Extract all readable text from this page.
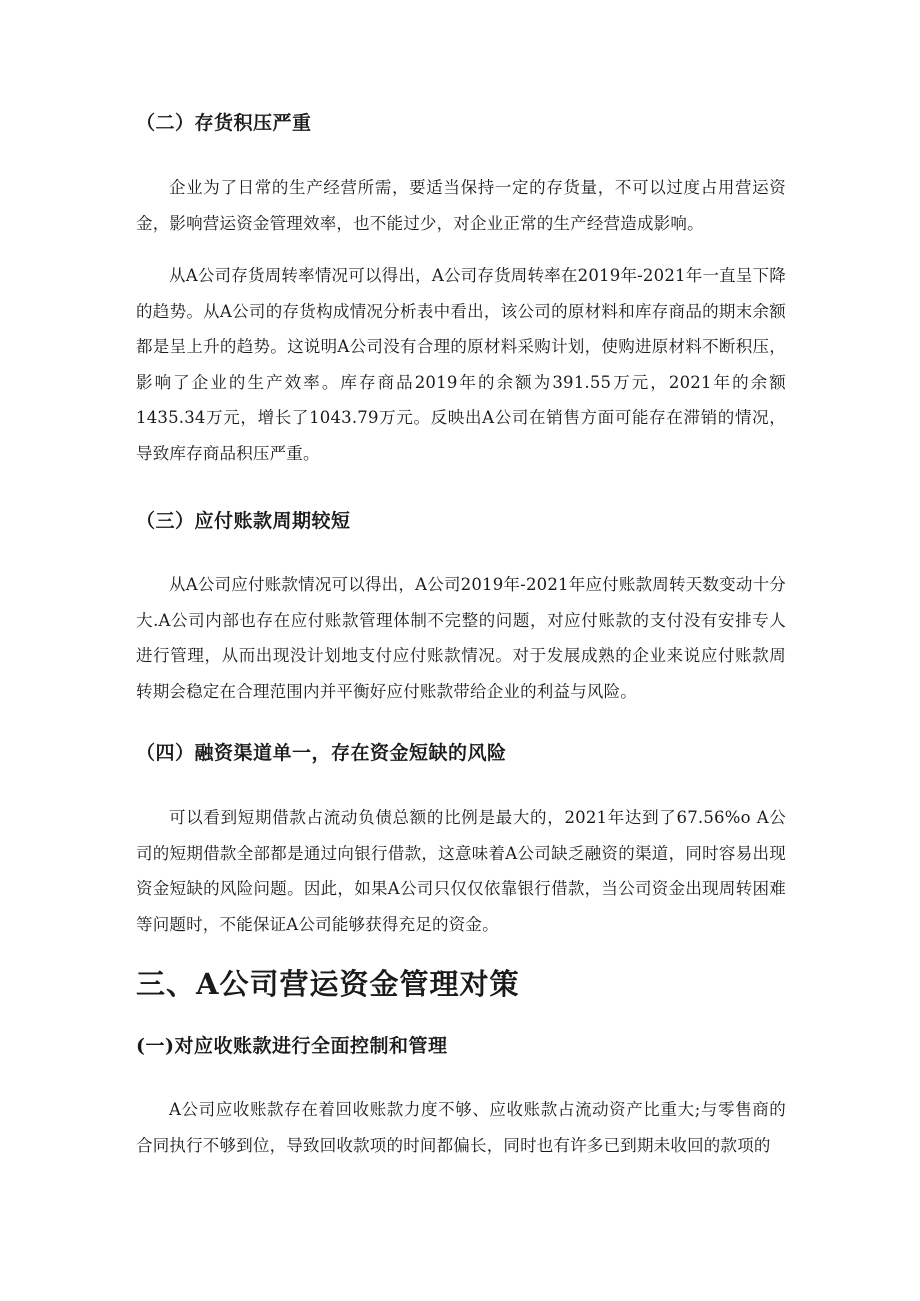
（二）存货积压严重

企业为了日常的生产经营所需，要适当保持一定的存货量，不可以过度占用营运资金，影响营运资金管理效率，也不能过少，对企业正常的生产经营造成影响。

从A公司存货周转率情况可以得出，A公司存货周转率在2019年-2021年一直呈下降的趋势。从A公司的存货构成情况分析表中看出，该公司的原材料和库存商品的期末余额都是呈上升的趋势。这说明A公司没有合理的原材料采购计划，使购进原材料不断积压，影响了企业的生产效率。库存商品2019年的余额为391.55万元，2021年的余额1435.34万元，增长了1043.79万元。反映出A公司在销售方面可能存在滞销的情况，导致库存商品积压严重。

（三）应付账款周期较短

从A公司应付账款情况可以得出，A公司2019年-2021年应付账款周转天数变动十分大.A公司内部也存在应付账款管理体制不完整的问题，对应付账款的支付没有安排专人进行管理，从而出现没计划地支付应付账款情况。对于发展成熟的企业来说应付账款周转期会稳定在合理范围内并平衡好应付账款带给企业的利益与风险。

（四）融资渠道单一，存在资金短缺的风险

可以看到短期借款占流动负债总额的比例是最大的，2021年达到了67.56%o A公司的短期借款全部都是通过向银行借款，这意味着A公司缺乏融资的渠道，同时容易出现资金短缺的风险问题。因此，如果A公司只仅仅依靠银行借款，当公司资金出现周转困难等问题时，不能保证A公司能够获得充足的资金。

三、A公司营运资金管理对策
(一)对应收账款进行全面控制和管理

A公司应收账款存在着回收账款力度不够、应收账款占流动资产比重大;与零售商的合同执行不够到位，导致回收款项的时间都偏长，同时也有许多已到期未收回的款项的
